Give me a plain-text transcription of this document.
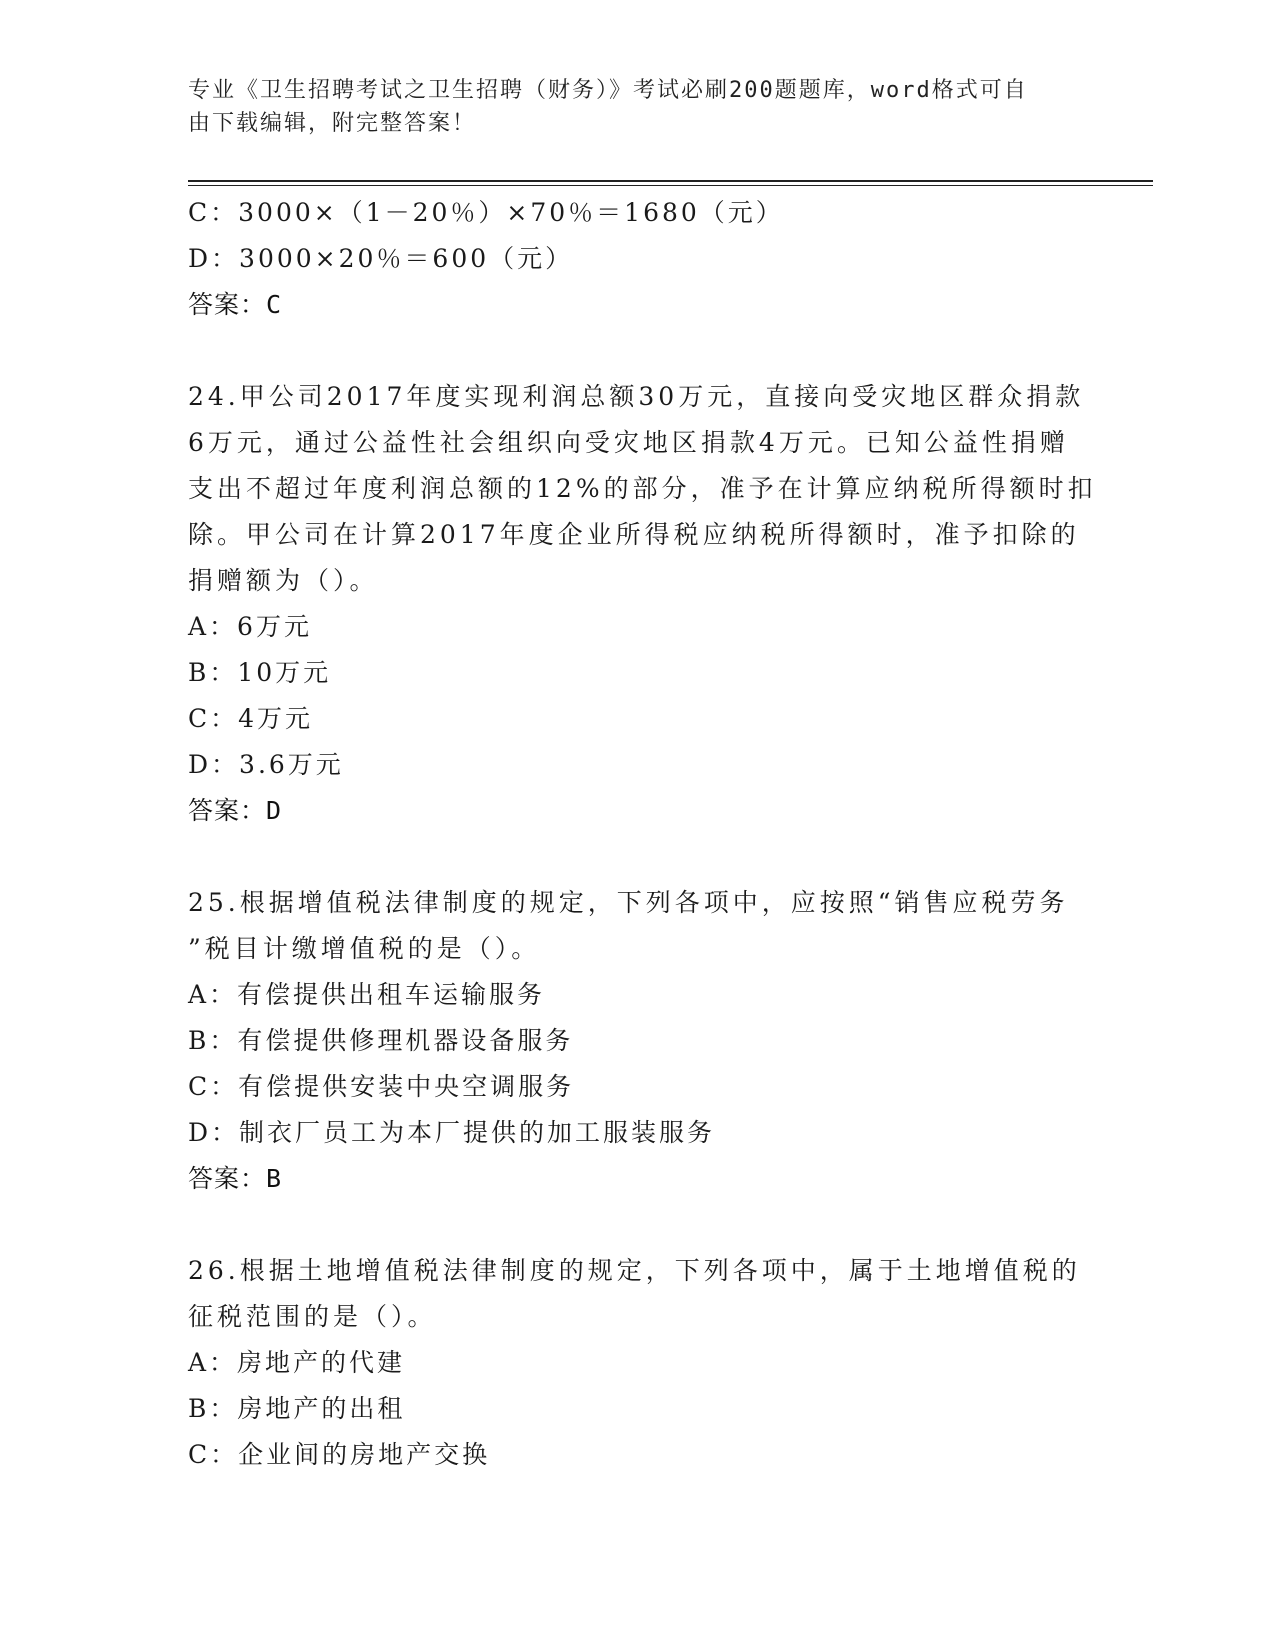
专业《卫生招聘考试之卫生招聘（财务）》考试必刷200题题库，word格式可自
由下载编辑，附完整答案！
C：3000×（1－20％）×70％＝1680（元）
D：3000×20％＝600（元）
答案：C
24.甲公司2017年度实现利润总额30万元，直接向受灾地区群众捐款
6万元，通过公益性社会组织向受灾地区捐款4万元。已知公益性捐赠
支出不超过年度利润总额的12%的部分，准予在计算应纳税所得额时扣
除。甲公司在计算2017年度企业所得税应纳税所得额时，准予扣除的
捐赠额为（）。
A：6万元
B：10万元
C：4万元
D：3.6万元
答案：D
25.根据增值税法律制度的规定，下列各项中，应按照“销售应税劳务
”税目计缴增值税的是（）。
A：有偿提供出租车运输服务
B：有偿提供修理机器设备服务
C：有偿提供安装中央空调服务
D：制衣厂员工为本厂提供的加工服装服务
答案：B
26.根据土地增值税法律制度的规定，下列各项中，属于土地增值税的
征税范围的是（）。
A：房地产的代建
B：房地产的出租
C：企业间的房地产交换
